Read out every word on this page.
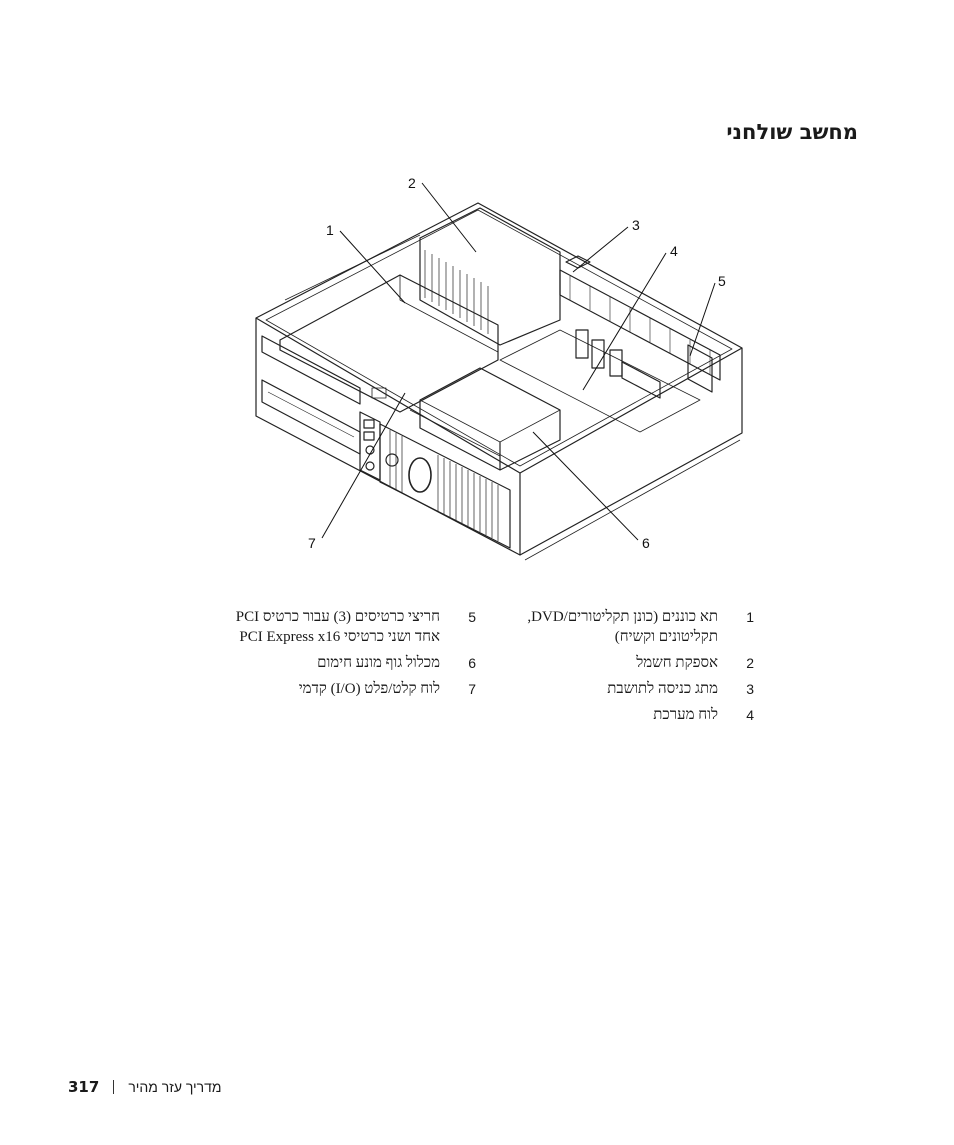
מחשב שולחני
1
2
3
4
5
6
7
1
תא כוננים (כונן תקליטורים/DVD, תקליטונים וקשיח)
2
אספקת חשמל
3
מתג כניסה לתושבת
4
לוח מערכת
5
חריצי כרטיסים (3) עבור כרטיס PCI אחד ושני כרטיסי PCI Express x16
6
מכלול גוף מונע חימום
7
לוח קלט/פלט (I/O) קדמי
317 מדריך עזר מהיר
